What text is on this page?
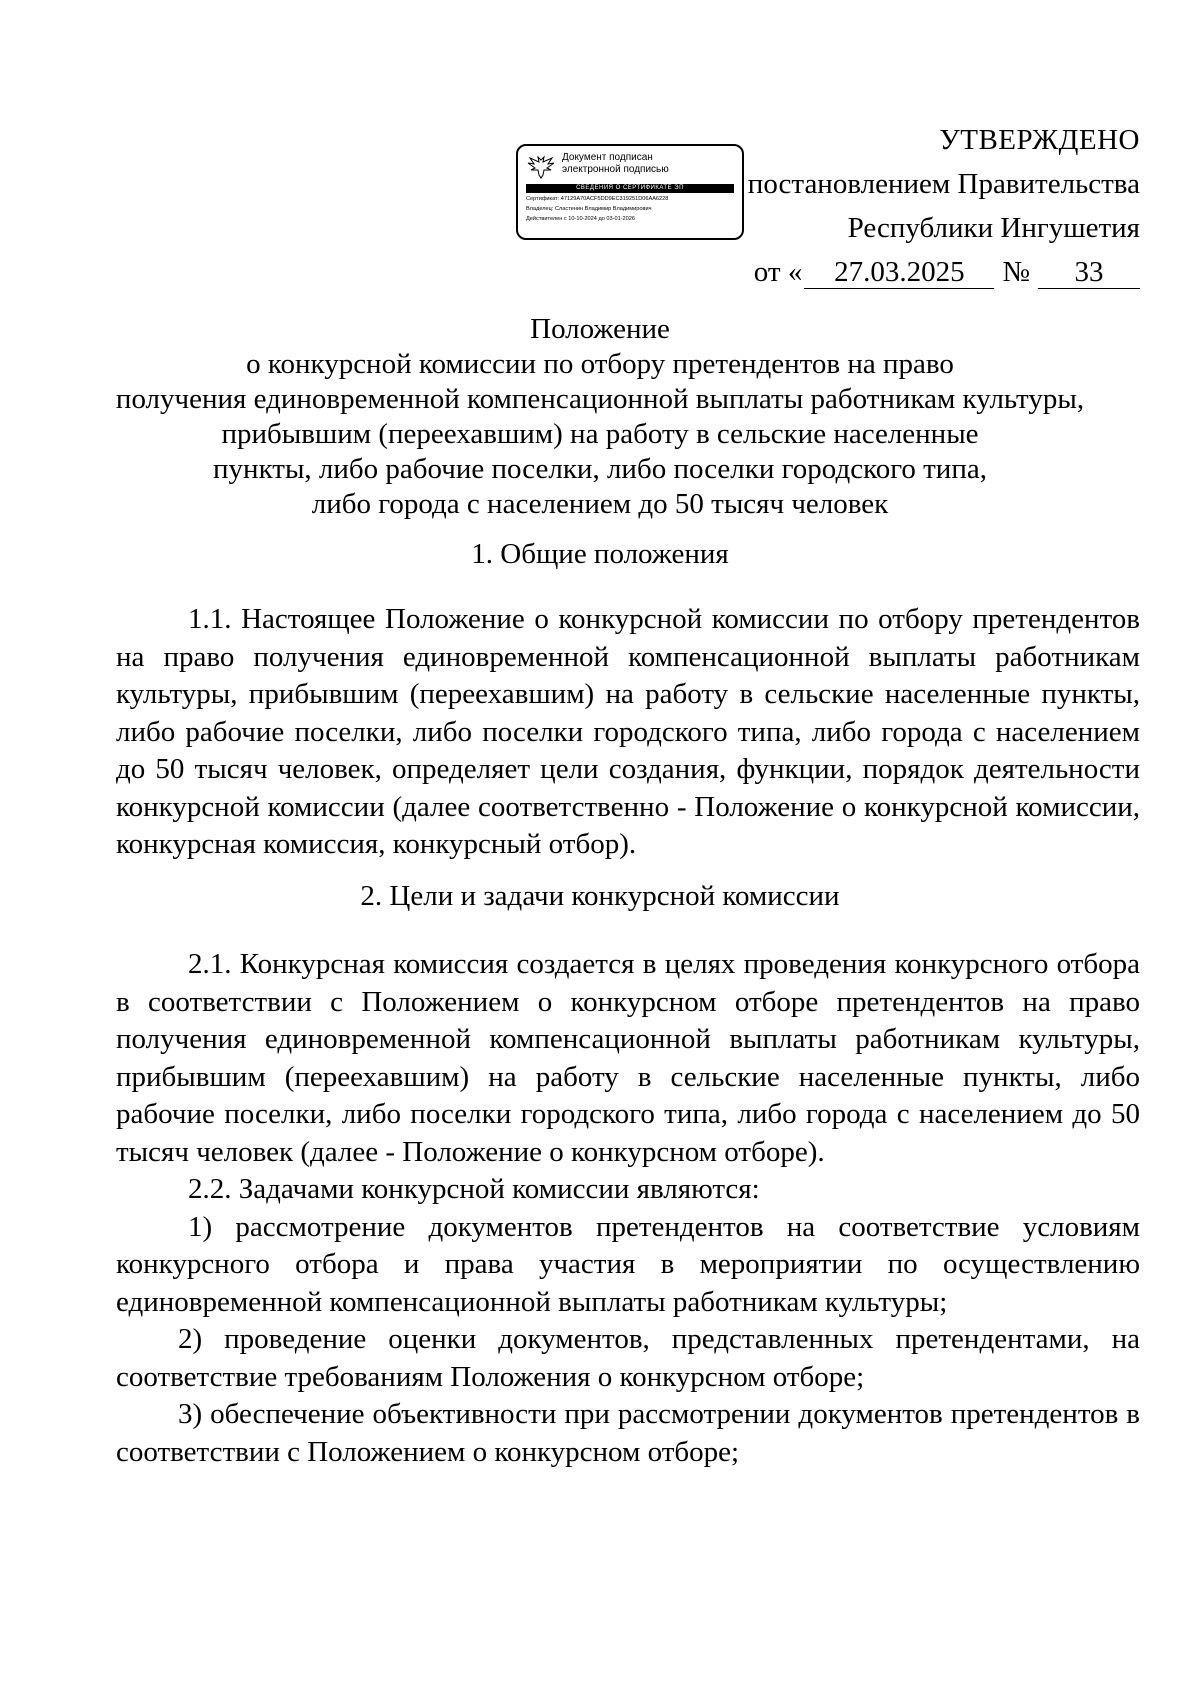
Документ подписан
электронной подписью
СВЕДЕНИЯ О СЕРТИФИКАТЕ ЭП
Сертификат: 47129A70ACF5DD9EC319251D06AA6228
Владелец: Сластенин Владимир Владимирович
Действителен с 10-10-2024 до 03-01-2026
УТВЕРЖДЕНО
постановлением Правительства
Республики Ингушетия
от «	27.03.2025	№	33
Положение
о конкурсной комиссии по отбору претендентов на право
получения единовременной компенсационной выплаты работникам культуры,
прибывшим (переехавшим) на работу в сельские населенные
пункты, либо рабочие поселки, либо поселки городского типа,
либо города с населением до 50 тысяч человек
1. Общие положения

1.1. Настоящее Положение о конкурсной комиссии по отбору претендентов на право получения единовременной компенсационной выплаты работникам культуры, прибывшим (переехавшим) на работу в сельские населенные пункты, либо рабочие поселки, либо поселки городского типа, либо города с населением до 50 тысяч человек, определяет цели создания, функции, порядок деятельности конкурсной комиссии (далее соответственно - Положение о конкурсной комиссии, конкурсная комиссия, конкурсный отбор).

2. Цели и задачи конкурсной комиссии

2.1. Конкурсная комиссия создается в целях проведения конкурсного отбора в соответствии с Положением о конкурсном отборе претендентов на право получения единовременной компенсационной выплаты работникам культуры, прибывшим (переехавшим) на работу в сельские населенные пункты, либо рабочие поселки, либо поселки городского типа, либо города с населением до 50 тысяч человек (далее - Положение о конкурсном отборе).

2.2. Задачами конкурсной комиссии являются:

1) рассмотрение документов претендентов на соответствие условиям конкурсного отбора и права участия в мероприятии по осуществлению единовременной компенсационной выплаты работникам культуры;

2) проведение оценки документов, представленных претендентами, на соответствие требованиям Положения о конкурсном отборе;

3) обеспечение объективности при рассмотрении документов претендентов в соответствии с Положением о конкурсном отборе;
